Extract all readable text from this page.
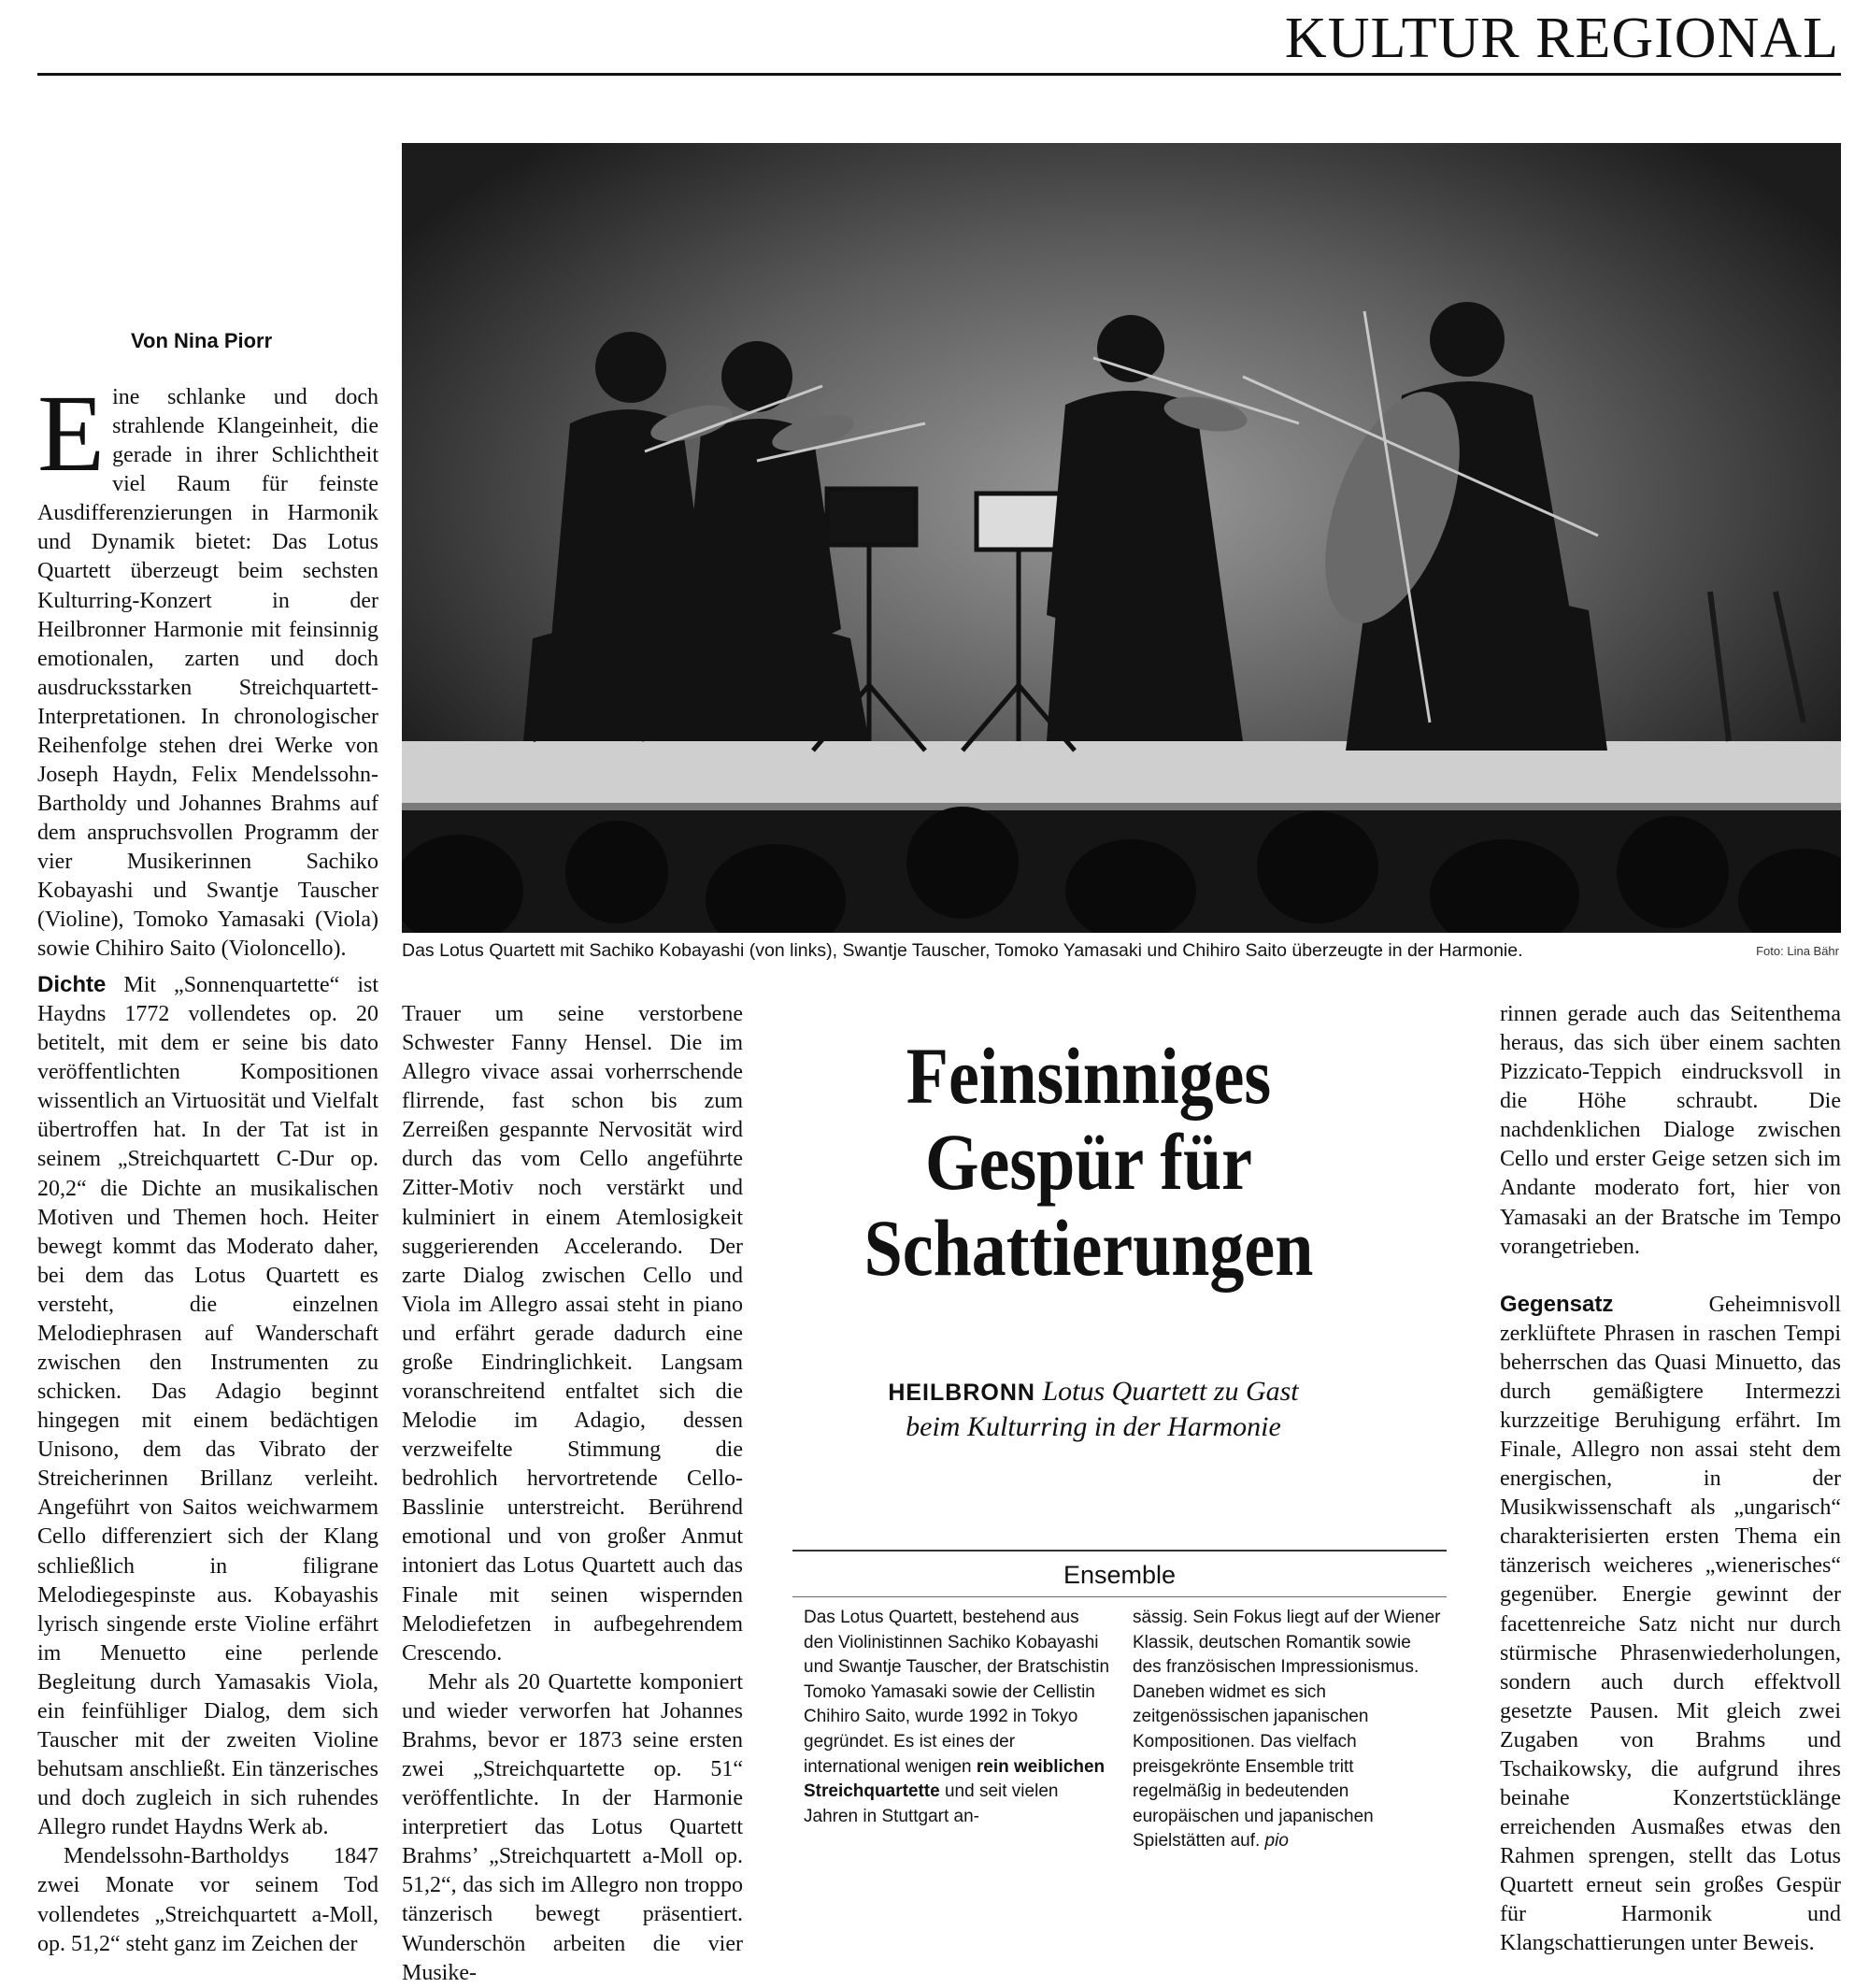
KULTUR REGIONAL
Von Nina Piorr

Eine schlanke und doch strahlende Klangeinheit, die gerade in ihrer Schlichtheit viel Raum für feinste Ausdifferenzierungen in Harmonik und Dynamik bietet: Das Lotus Quartett überzeugt beim sechsten Kulturring-Konzert in der Heilbronner Harmonie mit feinsinnig emotionalen, zarten und doch ausdrucksstarken Streichquartett-Interpretationen. In chronologischer Reihenfolge stehen drei Werke von Joseph Haydn, Felix Mendelssohn-Bartholdy und Johannes Brahms auf dem anspruchsvollen Programm der vier Musikerinnen Sachiko Kobayashi und Swantje Tauscher (Violine), Tomoko Yamasaki (Viola) sowie Chihiro Saito (Violoncello).	Das Lotus Quartett mit Sachiko Kobayashi (von links), Swantje Tauscher, Tomoko Yamasaki und Chihiro Saito überzeugte in der Harmonie.	Foto: Lina Bähr

Dichte Mit „Sonnenquartette“ ist Haydns 1772 vollendetes op. 20 betitelt, mit dem er seine bis dato veröffentlichten Kompositionen wissentlich an Virtuosität und Vielfalt übertroffen hat. In der Tat ist in seinem „Streichquartett C-Dur op. 20,2“ die Dichte an musikalischen Motiven und Themen hoch. Heiter bewegt kommt das Moderato daher, bei dem das Lotus Quartett es versteht, die einzelnen Melodiephrasen auf Wanderschaft zwischen den Instrumenten zu schicken. Das Adagio beginnt hingegen mit einem bedächtigen Unisono, dem das Vibrato der Streicherinnen Brillanz verleiht. Angeführt von Saitos weichwarmem Cello differenziert sich der Klang schließlich in filigrane Melodiegespinste aus. Kobayashis lyrisch singende erste Violine erfährt im Menuetto eine perlende Begleitung durch Yamasakis Viola, ein feinfühliger Dialog, dem sich Tauscher mit der zweiten Violine behutsam anschließt. Ein tänzerisches und doch zugleich in sich ruhendes Allegro rundet Haydns Werk ab.

Mendelssohn-Bartholdys 1847 zwei Monate vor seinem Tod vollendetes „Streichquartett a-Moll, op. 51,2“ steht ganz im Zeichen der

Trauer um seine verstorbene Schwester Fanny Hensel. Die im Allegro vivace assai vorherrschende flirrende, fast schon bis zum Zerreißen gespannte Nervosität wird durch das vom Cello angeführte Zitter-Motiv noch verstärkt und kulminiert in einem Atemlosigkeit suggerierenden Accelerando. Der zarte Dialog zwischen Cello und Viola im Allegro assai steht in piano und erfährt gerade dadurch eine große Eindringlichkeit. Langsam voranschreitend entfaltet sich die Melodie im Adagio, dessen verzweifelte Stimmung die bedrohlich hervortretende Cello-Basslinie unterstreicht. Berührend emotional und von großer Anmut intoniert das Lotus Quartett auch das Finale mit seinen wispernden Melodiefetzen in aufbegehrendem Crescendo.

Mehr als 20 Quartette komponiert und wieder verworfen hat Johannes Brahms, bevor er 1873 seine ersten zwei „Streichquartette op. 51“ veröffentlichte. In der Harmonie interpretiert das Lotus Quartett Brahms’ „Streichquartett a-Moll op. 51,2“, das sich im Allegro non troppo tänzerisch bewegt präsentiert. Wunderschön arbeiten die vier Musike-

Feinsinniges
Gespür für
Schattierungen
HEILBRONN Lotus Quartett zu Gast
beim Kulturring in der Harmonie
Ensemble

Das Lotus Quartett, bestehend aus den Violinistinnen Sachiko Kobayashi und Swantje Tauscher, der Bratschistin Tomoko Yamasaki sowie der Cellistin Chihiro Saito, wurde 1992 in Tokyo gegründet. Es ist eines der international wenigen rein weiblichen Streichquartette und seit vielen Jahren in Stuttgart an-

sässig. Sein Fokus liegt auf der Wiener Klassik, deutschen Romantik sowie des französischen Impressionismus. Daneben widmet es sich zeitgenössischen japanischen Kompositionen. Das vielfach preisgekrönte Ensemble tritt regelmäßig in bedeutenden europäischen und japanischen Spielstätten auf. pio

rinnen gerade auch das Seitenthema heraus, das sich über einem sachten Pizzicato-Teppich eindrucksvoll in die Höhe schraubt. Die nachdenklichen Dialoge zwischen Cello und erster Geige setzen sich im Andante moderato fort, hier von Yamasaki an der Bratsche im Tempo vorangetrieben.

Gegensatz Geheimnisvoll zerklüftete Phrasen in raschen Tempi beherrschen das Quasi Minuetto, das durch gemäßigtere Intermezzi kurzzeitige Beruhigung erfährt. Im Finale, Allegro non assai steht dem energischen, in der Musikwissenschaft als „ungarisch“ charakterisierten ersten Thema ein tänzerisch weicheres „wienerisches“ gegenüber. Energie gewinnt der facettenreiche Satz nicht nur durch stürmische Phrasenwiederholungen, sondern auch durch effektvoll gesetzte Pausen. Mit gleich zwei Zugaben von Brahms und Tschaikowsky, die aufgrund ihres beinahe Konzertstücklänge erreichenden Ausmaßes etwas den Rahmen sprengen, stellt das Lotus Quartett erneut sein großes Gespür für Harmonik und Klangschattierungen unter Beweis.
